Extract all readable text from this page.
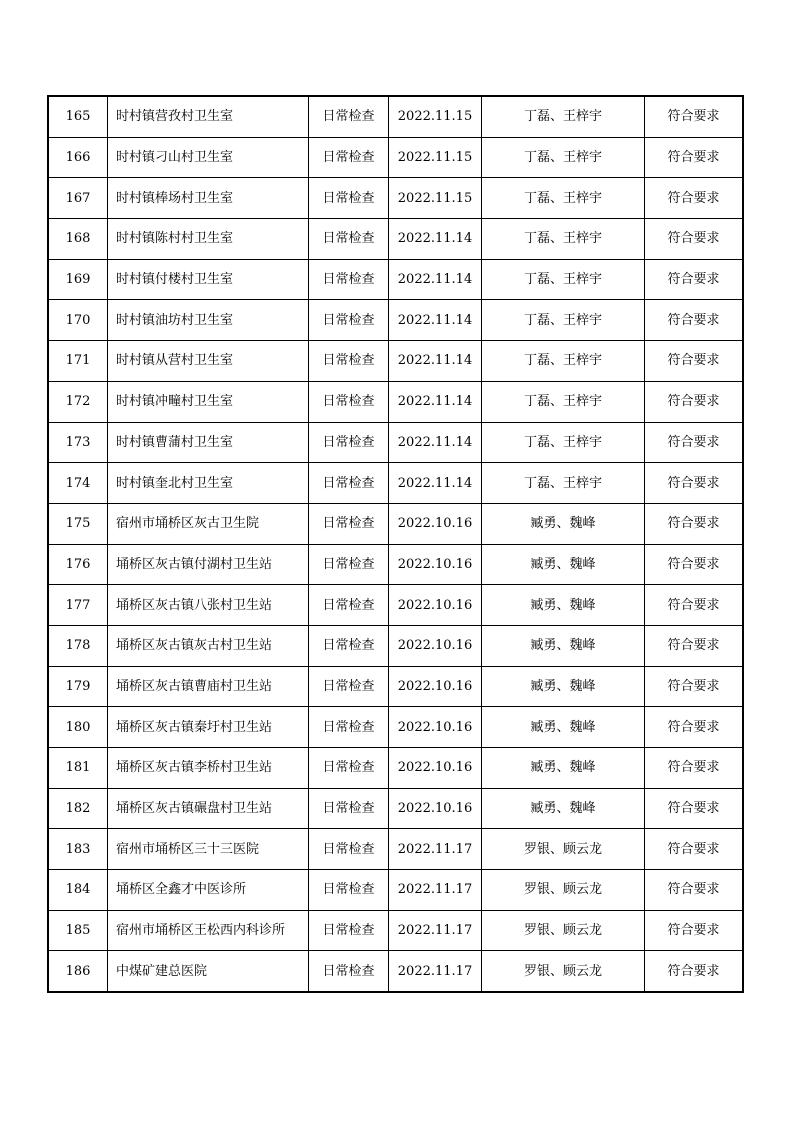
165	时村镇营孜村卫生室	日常检查	2022.11.15	丁磊、王梓宇	符合要求
166	时村镇刁山村卫生室	日常检查	2022.11.15	丁磊、王梓宇	符合要求
167	时村镇棒场村卫生室	日常检查	2022.11.15	丁磊、王梓宇	符合要求
168	时村镇陈村村卫生室	日常检查	2022.11.14	丁磊、王梓宇	符合要求
169	时村镇付楼村卫生室	日常检查	2022.11.14	丁磊、王梓宇	符合要求
170	时村镇油坊村卫生室	日常检查	2022.11.14	丁磊、王梓宇	符合要求
171	时村镇从营村卫生室	日常检查	2022.11.14	丁磊、王梓宇	符合要求
172	时村镇冲疃村卫生室	日常检查	2022.11.14	丁磊、王梓宇	符合要求
173	时村镇曹蒲村卫生室	日常检查	2022.11.14	丁磊、王梓宇	符合要求
174	时村镇奎北村卫生室	日常检查	2022.11.14	丁磊、王梓宇	符合要求
175	宿州市埇桥区灰古卫生院	日常检查	2022.10.16	臧勇、魏峰	符合要求
176	埇桥区灰古镇付湖村卫生站	日常检查	2022.10.16	臧勇、魏峰	符合要求
177	埇桥区灰古镇八张村卫生站	日常检查	2022.10.16	臧勇、魏峰	符合要求
178	埇桥区灰古镇灰古村卫生站	日常检查	2022.10.16	臧勇、魏峰	符合要求
179	埇桥区灰古镇曹庙村卫生站	日常检查	2022.10.16	臧勇、魏峰	符合要求
180	埇桥区灰古镇秦圩村卫生站	日常检查	2022.10.16	臧勇、魏峰	符合要求
181	埇桥区灰古镇李桥村卫生站	日常检查	2022.10.16	臧勇、魏峰	符合要求
182	埇桥区灰古镇碾盘村卫生站	日常检查	2022.10.16	臧勇、魏峰	符合要求
183	宿州市埇桥区三十三医院	日常检查	2022.11.17	罗银、顾云龙	符合要求
184	埇桥区全鑫才中医诊所	日常检查	2022.11.17	罗银、顾云龙	符合要求
185	宿州市埇桥区王松西内科诊所	日常检查	2022.11.17	罗银、顾云龙	符合要求
186	中煤矿建总医院	日常检查	2022.11.17	罗银、顾云龙	符合要求
